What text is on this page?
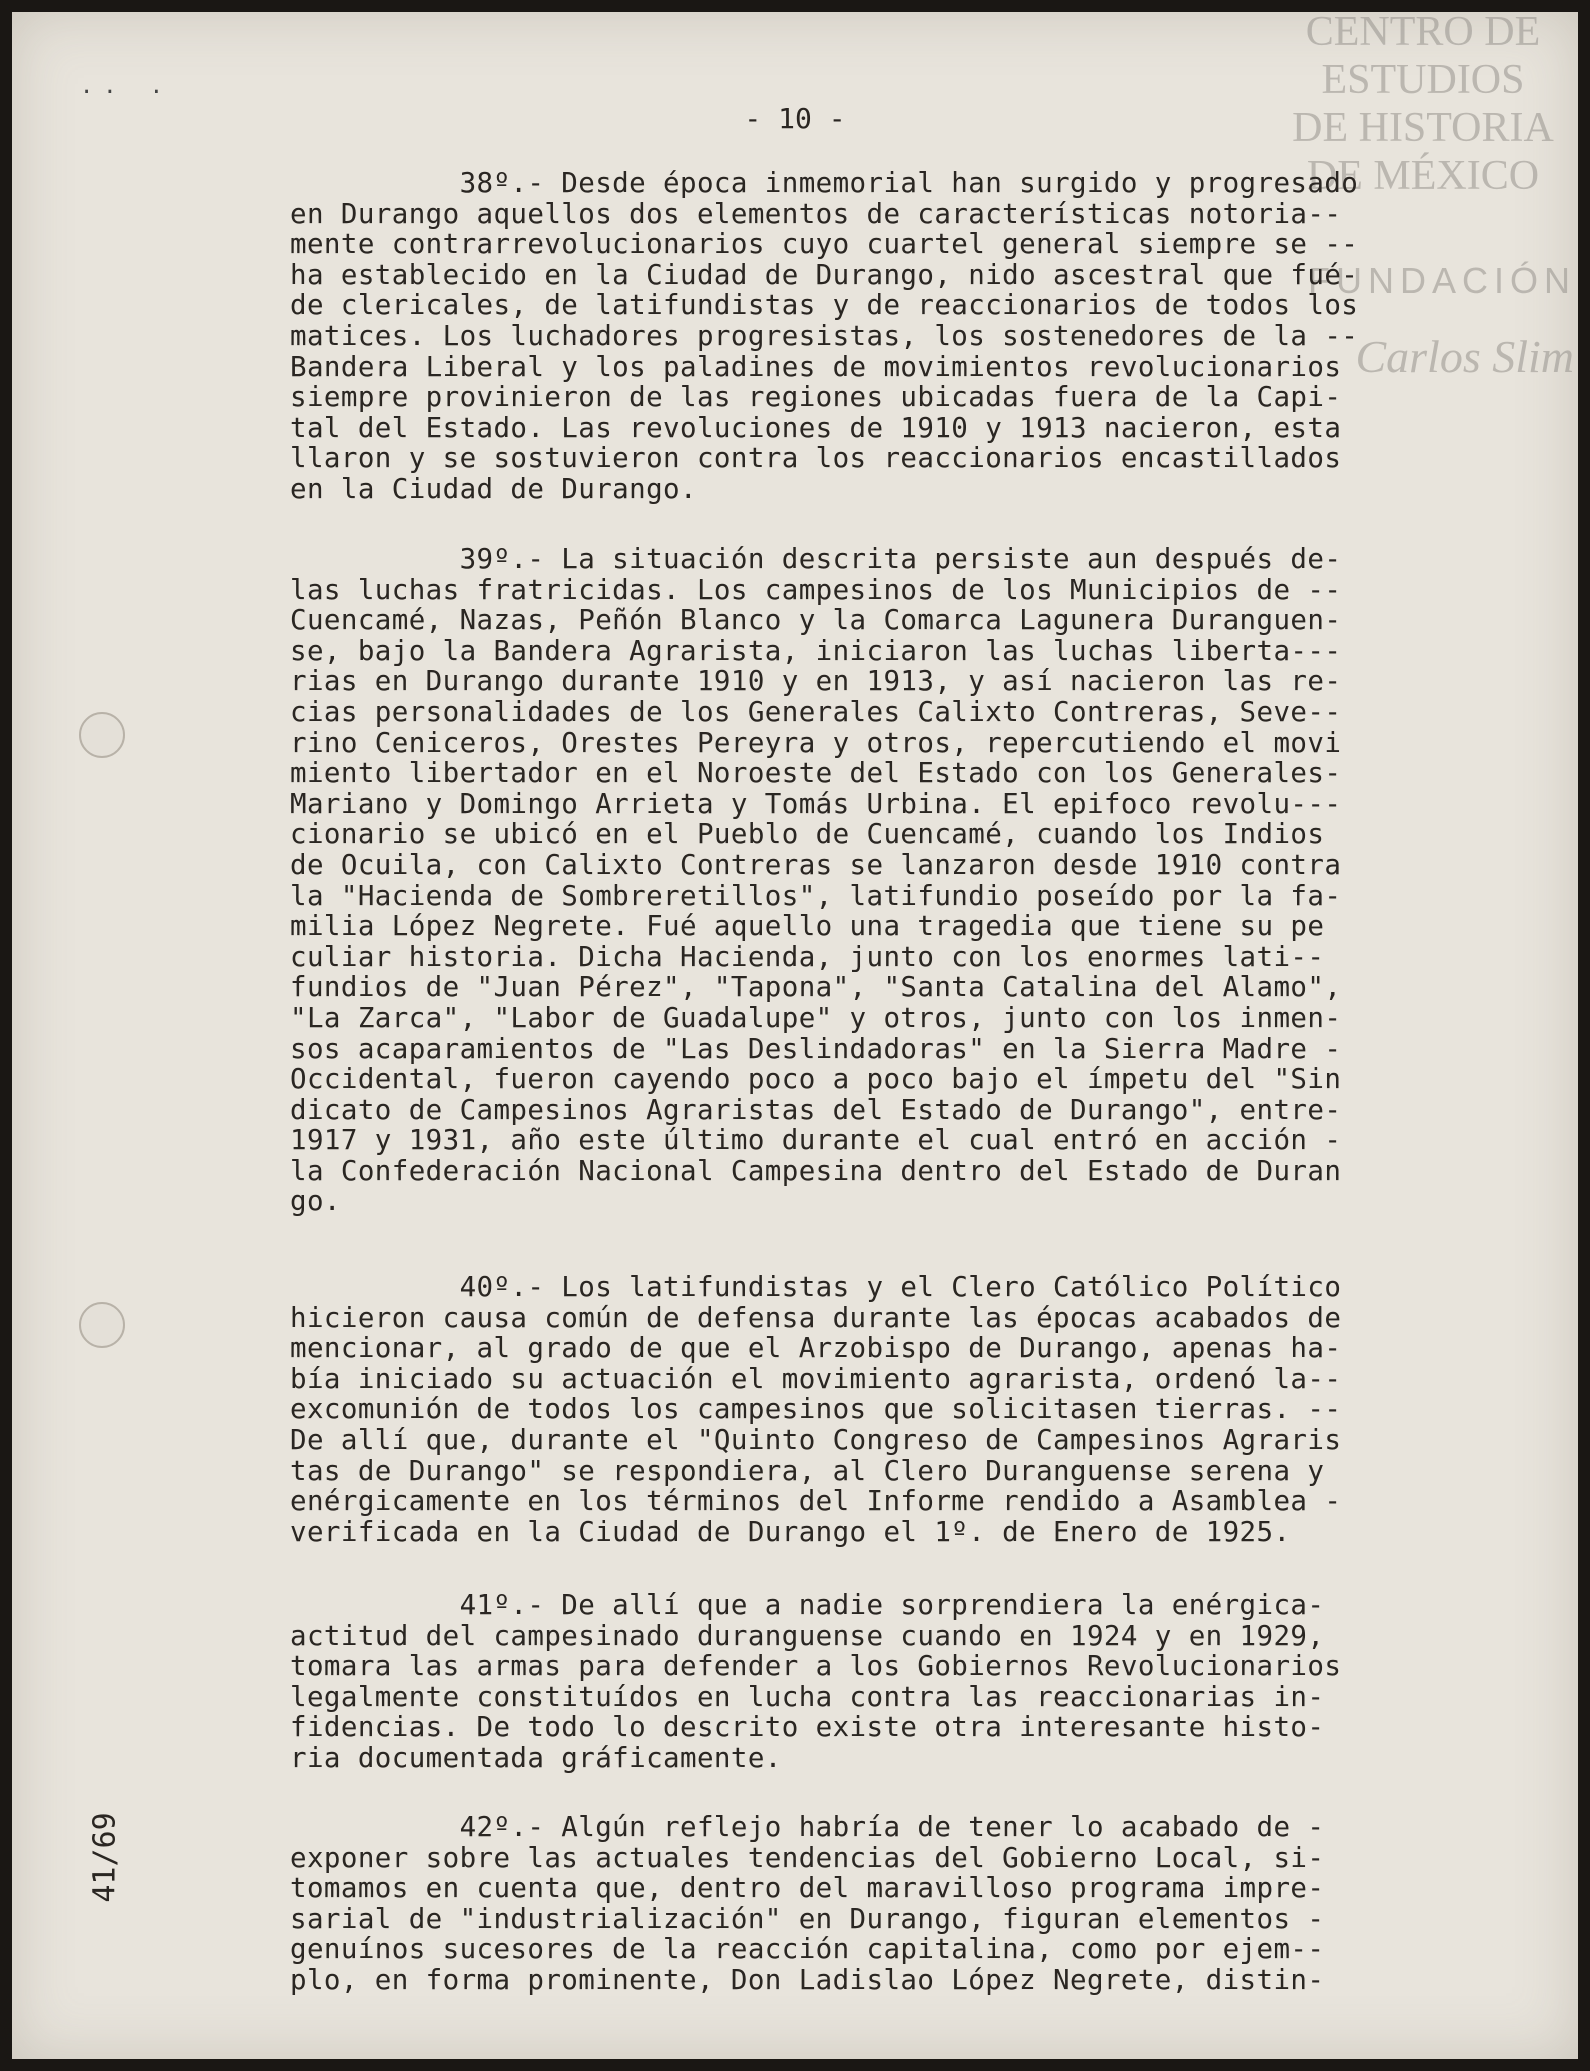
CENTRO DE
ESTUDIOS
DE HISTORIA
DE MÉXICO
FUNDACIÓN
Carlos Slim
·· ·
41/69
- 10 -

38º.- Desde época inmemorial han surgido y progresado

en Durango aquellos dos elementos de características notoria--

mente contrarrevolucionarios cuyo cuartel general siempre se --

ha establecido en la Ciudad de Durango, nido ascestral que fué-

de clericales, de latifundistas y de reaccionarios de todos los

matices. Los luchadores progresistas, los sostenedores de la --

Bandera Liberal y los paladines de movimientos revolucionarios

siempre provinieron de las regiones ubicadas fuera de la Capi-

tal del Estado. Las revoluciones de 1910 y 1913 nacieron, esta

llaron y se sostuvieron contra los reaccionarios encastillados

en la Ciudad de Durango.

39º.- La situación descrita persiste aun después de-

las luchas fratricidas. Los campesinos de los Municipios de --

Cuencamé, Nazas, Peñón Blanco y la Comarca Lagunera Duranguen-

se, bajo la Bandera Agrarista, iniciaron las luchas liberta---

rias en Durango durante 1910 y en 1913, y así nacieron las re-

cias personalidades de los Generales Calixto Contreras, Seve--

rino Ceniceros, Orestes Pereyra y otros, repercutiendo el movi

miento libertador en el Noroeste del Estado con los Generales-

Mariano y Domingo Arrieta y Tomás Urbina. El epifoco revolu---

cionario se ubicó en el Pueblo de Cuencamé, cuando los Indios

de Ocuila, con Calixto Contreras se lanzaron desde 1910 contra

la "Hacienda de Sombreretillos", latifundio poseído por la fa-

milia López Negrete. Fué aquello una tragedia que tiene su pe

culiar historia. Dicha Hacienda, junto con los enormes lati--

fundios de "Juan Pérez", "Tapona", "Santa Catalina del Alamo",

"La Zarca", "Labor de Guadalupe" y otros, junto con los inmen-

sos acaparamientos de "Las Deslindadoras" en la Sierra Madre -

Occidental, fueron cayendo poco a poco bajo el ímpetu del "Sin

dicato de Campesinos Agraristas del Estado de Durango", entre-

1917 y 1931, año este último durante el cual entró en acción -

la Confederación Nacional Campesina dentro del Estado de Duran

go.

40º.- Los latifundistas y el Clero Católico Político

hicieron causa común de defensa durante las épocas acabados de

mencionar, al grado de que el Arzobispo de Durango, apenas ha-

bía iniciado su actuación el movimiento agrarista, ordenó la--

excomunión de todos los campesinos que solicitasen tierras. --

De allí que, durante el "Quinto Congreso de Campesinos Agraris

tas de Durango" se respondiera, al Clero Duranguense serena y

enérgicamente en los términos del Informe rendido a Asamblea -

verificada en la Ciudad de Durango el 1º. de Enero de 1925.

41º.- De allí que a nadie sorprendiera la enérgica-

actitud del campesinado duranguense cuando en 1924 y en 1929,

tomara las armas para defender a los Gobiernos Revolucionarios

legalmente constituídos en lucha contra las reaccionarias in-

fidencias. De todo lo descrito existe otra interesante histo-

ria documentada gráficamente.

42º.- Algún reflejo habría de tener lo acabado de -

exponer sobre las actuales tendencias del Gobierno Local, si-

tomamos en cuenta que, dentro del maravilloso programa impre-

sarial de "industrialización" en Durango, figuran elementos -

genuínos sucesores de la reacción capitalina, como por ejem--

plo, en forma prominente, Don Ladislao López Negrete, distin-
